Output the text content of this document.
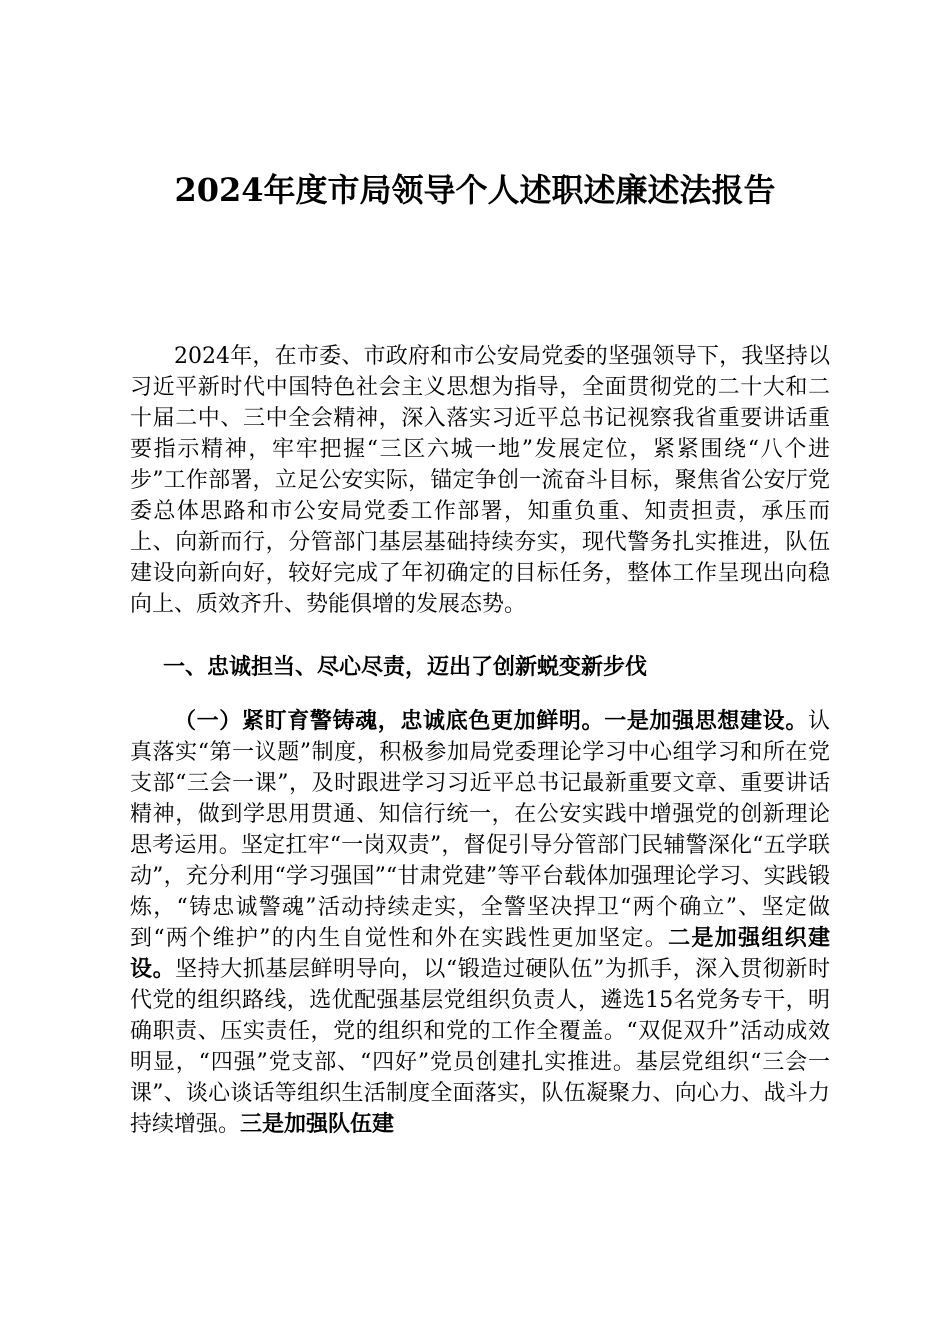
2024年度市局领导个人述职述廉述法报告

2024年，在市委、市政府和市公安局党委的坚强领导下，我坚持以习近平新时代中国特色社会主义思想为指导，全面贯彻党的二十大和二十届二中、三中全会精神，深入落实习近平总书记视察我省重要讲话重要指示精神，牢牢把握“三区六城一地”发展定位，紧紧围绕“八个进步”工作部署，立足公安实际，锚定争创一流奋斗目标，聚焦省公安厅党委总体思路和市公安局党委工作部署，知重负重、知责担责，承压而上、向新而行，分管部门基层基础持续夯实，现代警务扎实推进，队伍建设向新向好，较好完成了年初确定的目标任务，整体工作呈现出向稳向上、质效齐升、势能俱增的发展态势。

一、忠诚担当、尽心尽责，迈出了创新蜕变新步伐

（一）紧盯育警铸魂，忠诚底色更加鲜明。一是加强思想建设。认真落实“第一议题”制度，积极参加局党委理论学习中心组学习和所在党支部“三会一课”，及时跟进学习习近平总书记最新重要文章、重要讲话精神，做到学思用贯通、知信行统一，在公安实践中增强党的创新理论思考运用。坚定扛牢“一岗双责”，督促引导分管部门民辅警深化“五学联动”，充分利用“学习强国”“甘肃党建”等平台载体加强理论学习、实践锻炼，“铸忠诚警魂”活动持续走实，全警坚决捍卫“两个确立”、坚定做到“两个维护”的内生自觉性和外在实践性更加坚定。二是加强组织建设。坚持大抓基层鲜明导向，以“锻造过硬队伍”为抓手，深入贯彻新时代党的组织路线，选优配强基层党组织负责人，遴选15名党务专干，明确职责、压实责任，党的组织和党的工作全覆盖。“双促双升”活动成效明显，“四强”党支部、“四好”党员创建扎实推进。基层党组织“三会一课”、谈心谈话等组织生活制度全面落实，队伍凝聚力、向心力、战斗力持续增强。三是加强队伍建
